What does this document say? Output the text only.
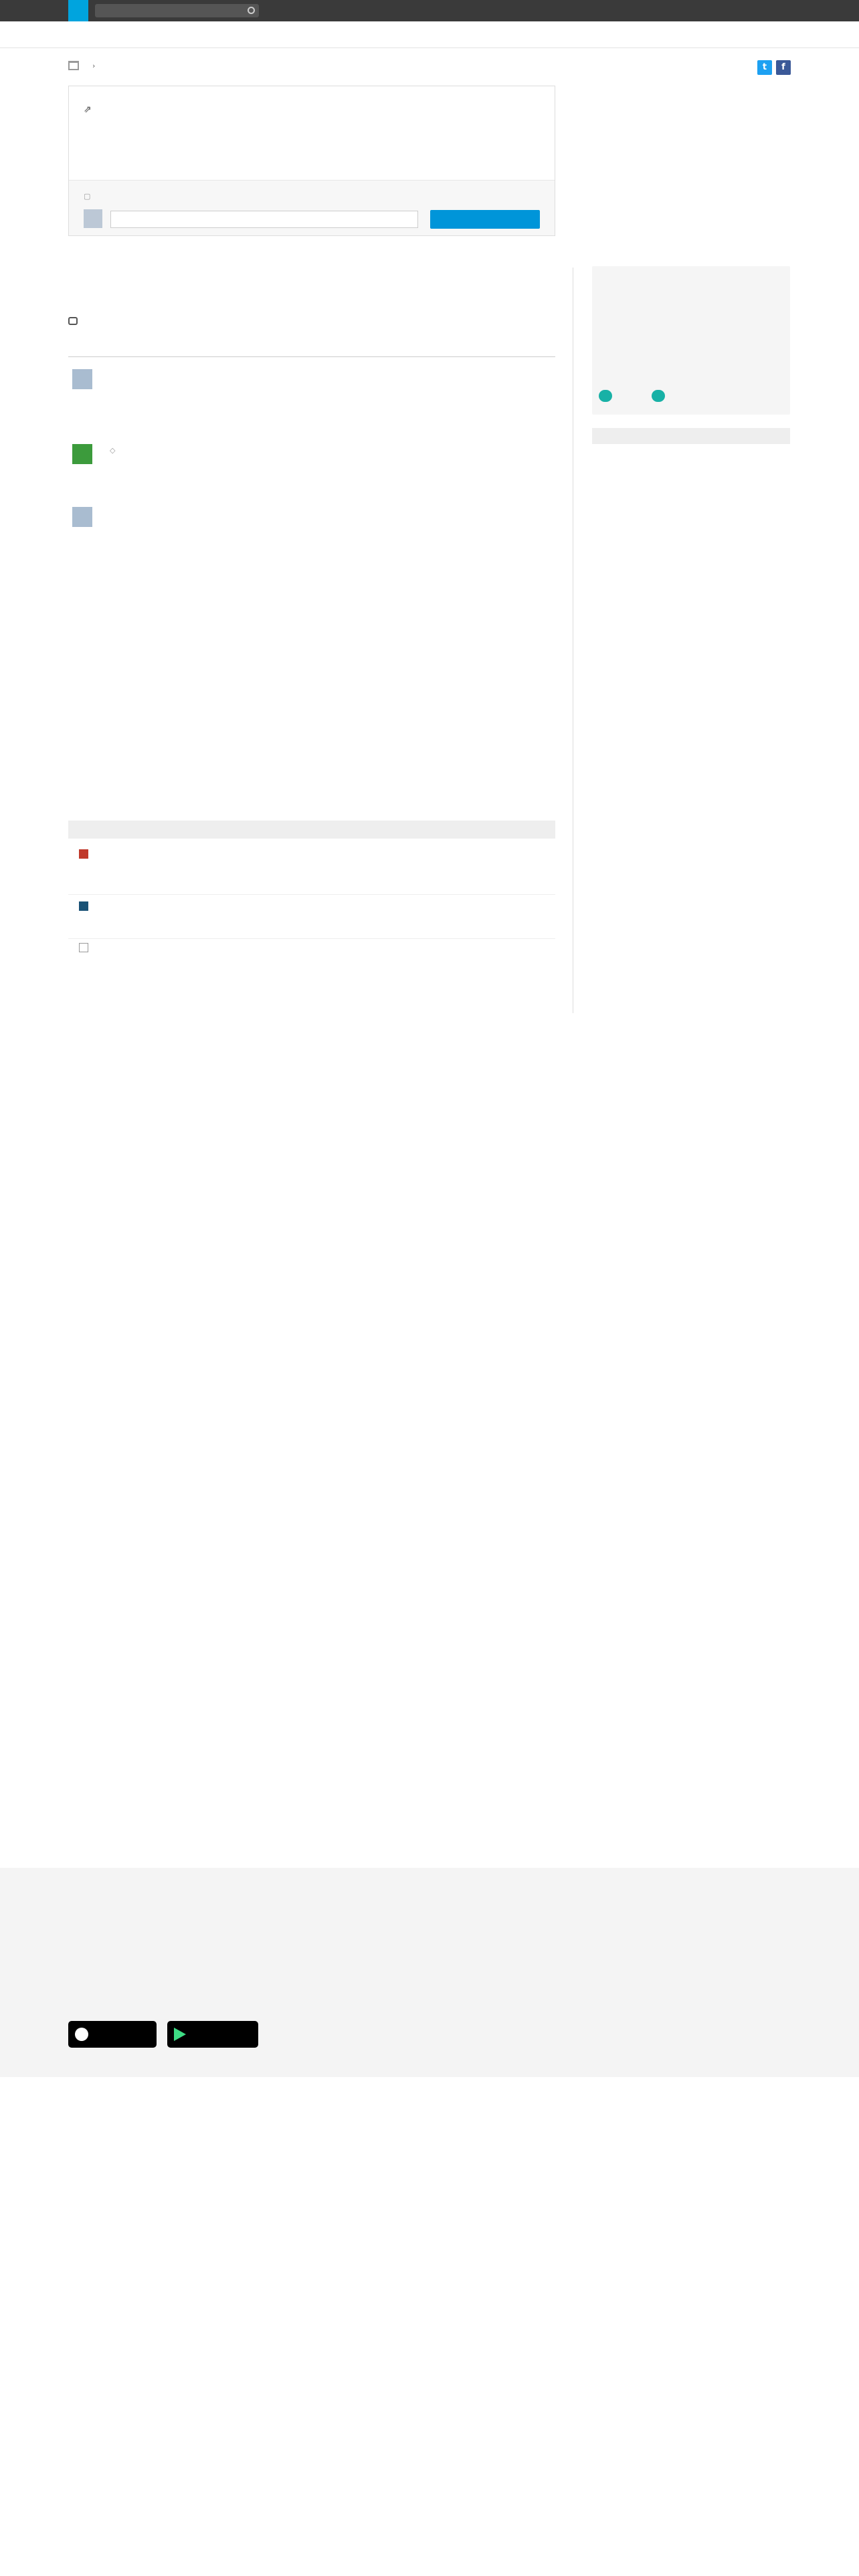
›	t	f
⇗
▢
◇
